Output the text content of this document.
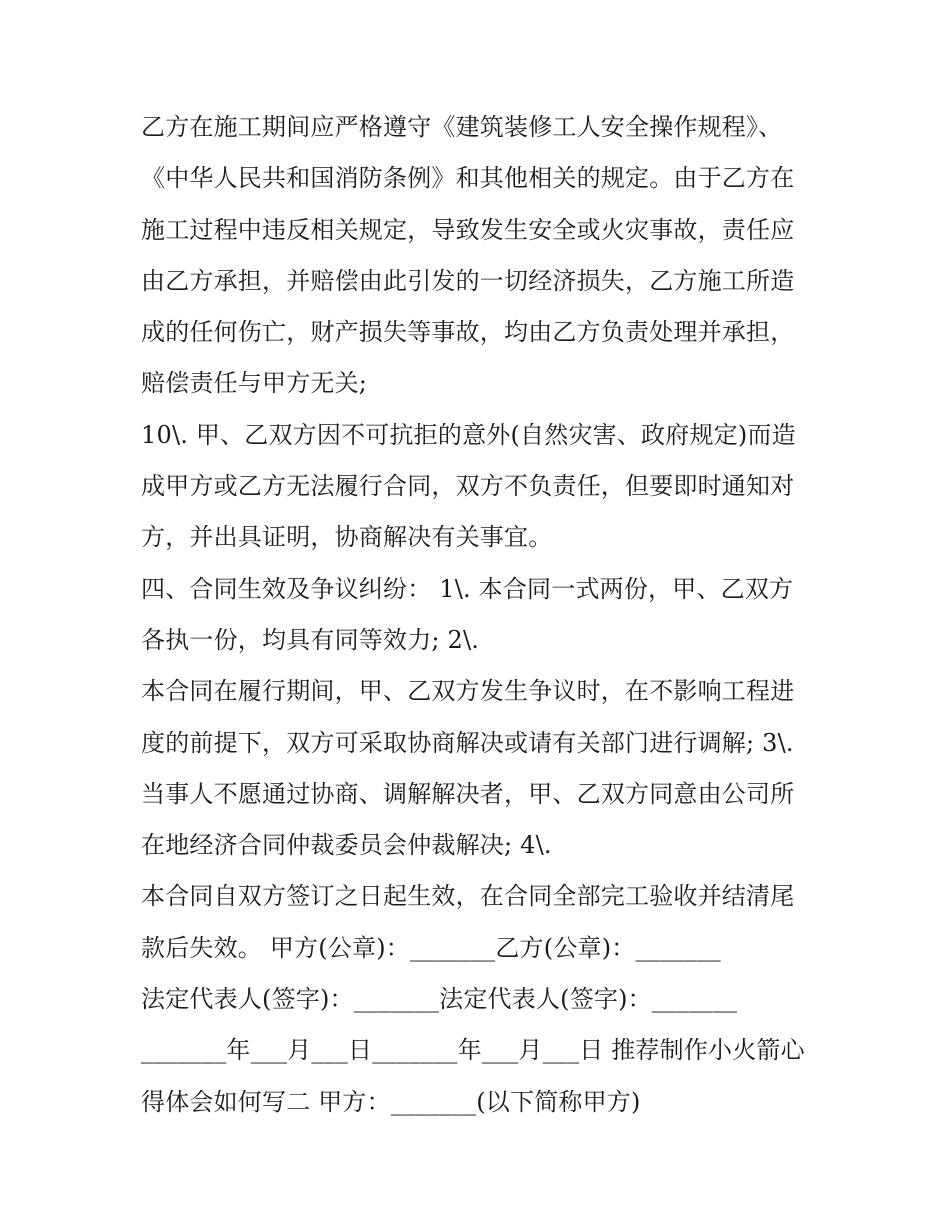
乙方在施工期间应严格遵守《建筑装修工人安全操作规程》、
《中华人民共和国消防条例》和其他相关的规定。由于乙方在
施工过程中违反相关规定，导致发生安全或火灾事故，责任应
由乙方承担，并赔偿由此引发的一切经济损失，乙方施工所造
成的任何伤亡，财产损失等事故，均由乙方负责处理并承担，
赔偿责任与甲方无关;
10\. 甲、乙双方因不可抗拒的意外(自然灾害、政府规定)而造
成甲方或乙方无法履行合同，双方不负责任，但要即时通知对
方，并出具证明，协商解决有关事宜。
四、合同生效及争议纠纷： 1\. 本合同一式两份，甲、乙双方
各执一份，均具有同等效力; 2\.
本合同在履行期间，甲、乙双方发生争议时，在不影响工程进
度的前提下，双方可采取协商解决或请有关部门进行调解; 3\.
当事人不愿通过协商、调解解决者，甲、乙双方同意由公司所
在地经济合同仲裁委员会仲裁解决; 4\.
本合同自双方签订之日起生效，在合同全部完工验收并结清尾
款后失效。 甲方(公章)：_______乙方(公章)：_______
法定代表人(签字)：_______法定代表人(签字)：_______
_______年___月___日_______年___月___日 推荐制作小火箭心
得体会如何写二 甲方：_______(以下简称甲方)
